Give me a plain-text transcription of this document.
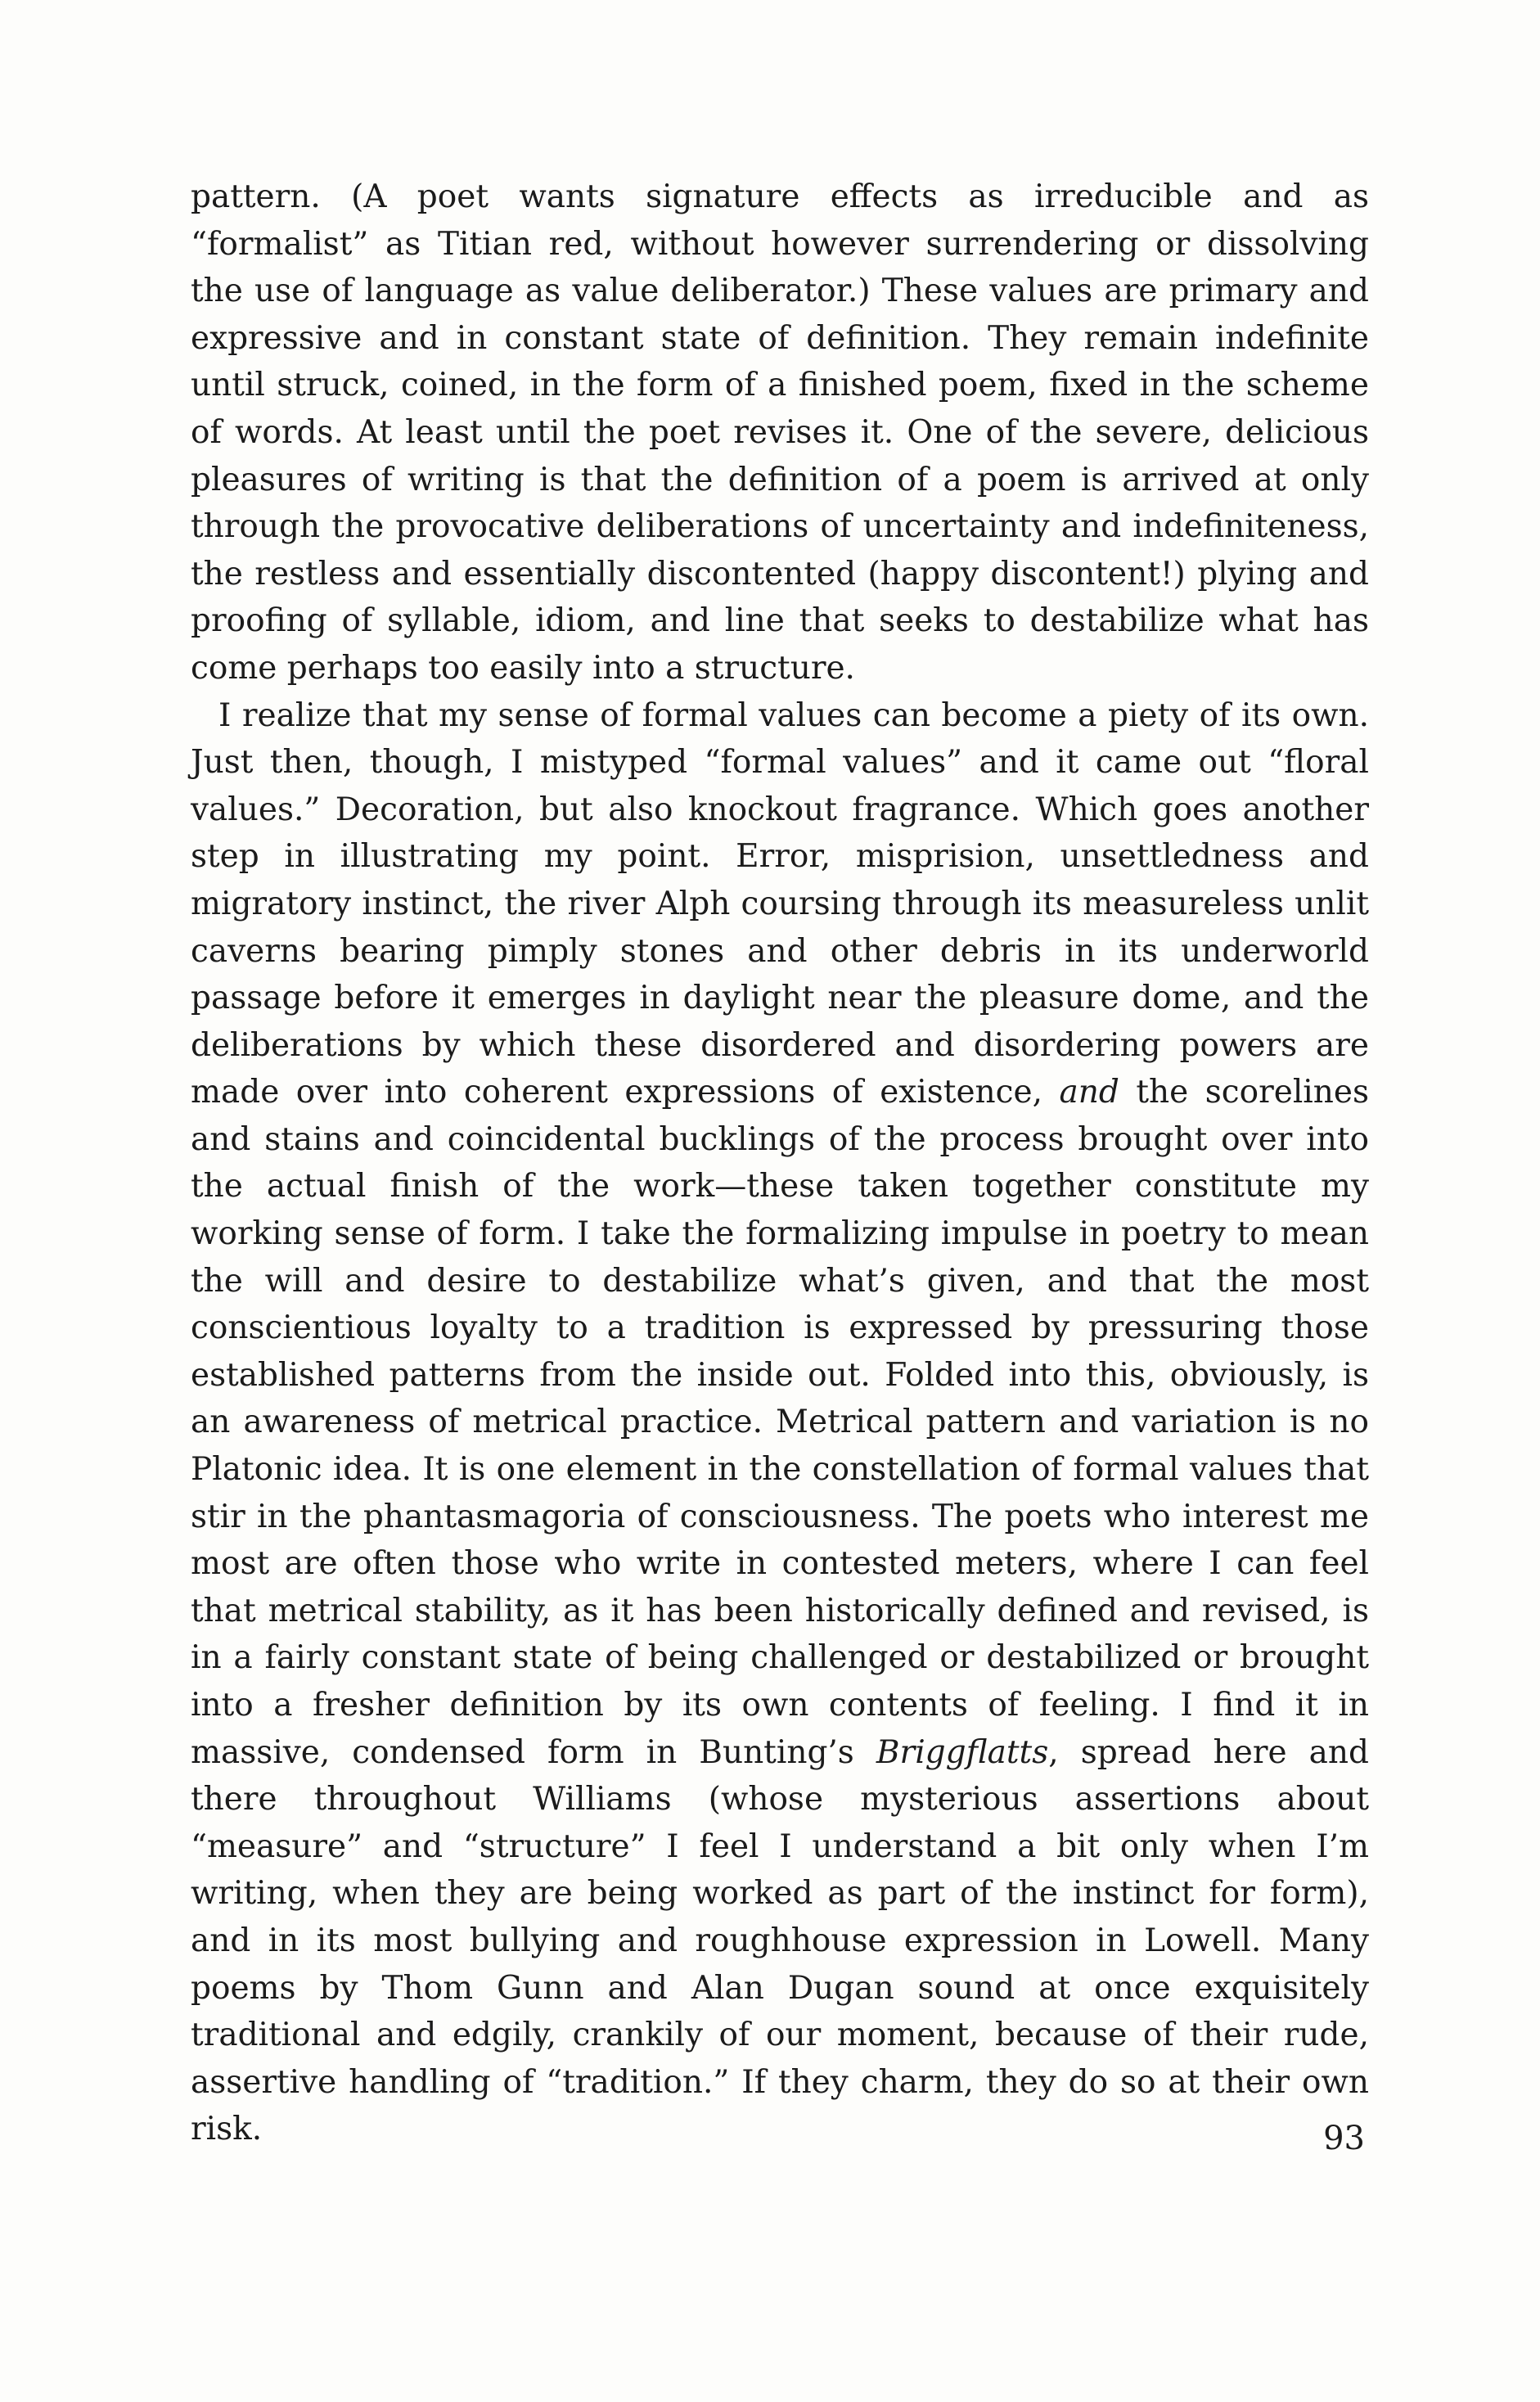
pattern. (A poet wants signature effects as irreducible and as “formalist” as Titian red, without however surrendering or dissolving the use of language as value deliberator.) These values are primary and expressive and in constant state of definition. They remain indefinite until struck, coined, in the form of a finished poem, fixed in the scheme of words. At least until the poet revises it. One of the severe, delicious pleasures of writing is that the definition of a poem is arrived at only through the provocative deliberations of uncertainty and indefiniteness, the restless and essentially discontented (happy discontent!) plying and proofing of syllable, idiom, and line that seeks to destabilize what has come perhaps too easily into a structure.

I realize that my sense of formal values can become a piety of its own. Just then, though, I mistyped “formal values” and it came out “floral values.” Decoration, but also knockout fragrance. Which goes another step in illustrating my point. Error, misprision, unsettledness and migratory instinct, the river Alph coursing through its measureless unlit caverns bearing pimply stones and other debris in its underworld passage before it emerges in daylight near the pleasure dome, and the deliberations by which these disordered and disordering powers are made over into coherent expressions of existence, and the scorelines and stains and coincidental bucklings of the process brought over into the actual finish of the work—these taken together constitute my working sense of form. I take the formalizing impulse in poetry to mean the will and desire to destabilize what’s given, and that the most conscientious loyalty to a tradition is expressed by pressuring those established patterns from the inside out. Folded into this, obviously, is an awareness of metrical practice. Metrical pattern and variation is no Platonic idea. It is one element in the constellation of formal values that stir in the phantasmagoria of consciousness. The poets who interest me most are often those who write in contested meters, where I can feel that metrical stability, as it has been historically defined and revised, is in a fairly constant state of being challenged or destabilized or brought into a fresher definition by its own contents of feeling. I find it in massive, condensed form in Bunting’s Briggflatts, spread here and there throughout Williams (whose mysterious assertions about “measure” and “structure” I feel I understand a bit only when I’m writing, when they are being worked as part of the instinct for form), and in its most bullying and roughhouse expression in Lowell. Many poems by Thom Gunn and Alan Dugan sound at once exquisitely traditional and edgily, crankily of our moment, because of their rude, assertive handling of “tradition.” If they charm, they do so at their own risk.	93
